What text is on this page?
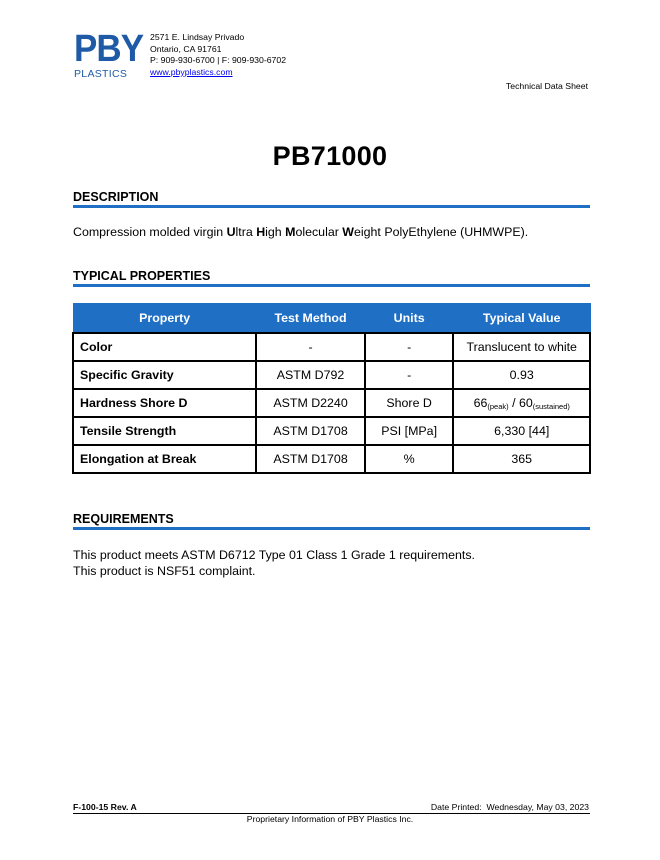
PBY
PLASTICS
2571 E. Lindsay Privado
Ontario, CA 91761
P: 909-930-6700 | F: 909-930-6702
www.pbyplastics.com
Technical Data Sheet
PB71000
DESCRIPTION
Compression molded virgin Ultra High Molecular Weight PolyEthylene (UHMWPE).
TYPICAL PROPERTIES
Property	Test Method	Units	Typical Value
Color	-	-	Translucent to white
Specific Gravity	ASTM D792	-	0.93
Hardness Shore D	ASTM D2240	Shore D	$66_{(peak)} / 60_{(sustained)}$
Tensile Strength	ASTM D1708	PSI [MPa]	6,330 [44]
Elongation at Break	ASTM D1708	%	365
REQUIREMENTS
This product meets ASTM D6712 Type 01 Class 1 Grade 1 requirements.
This product is NSF51 complaint.
F-100-15 Rev. A	Date Printed: Wednesday, May 03, 2023
Proprietary Information of PBY Plastics Inc.
